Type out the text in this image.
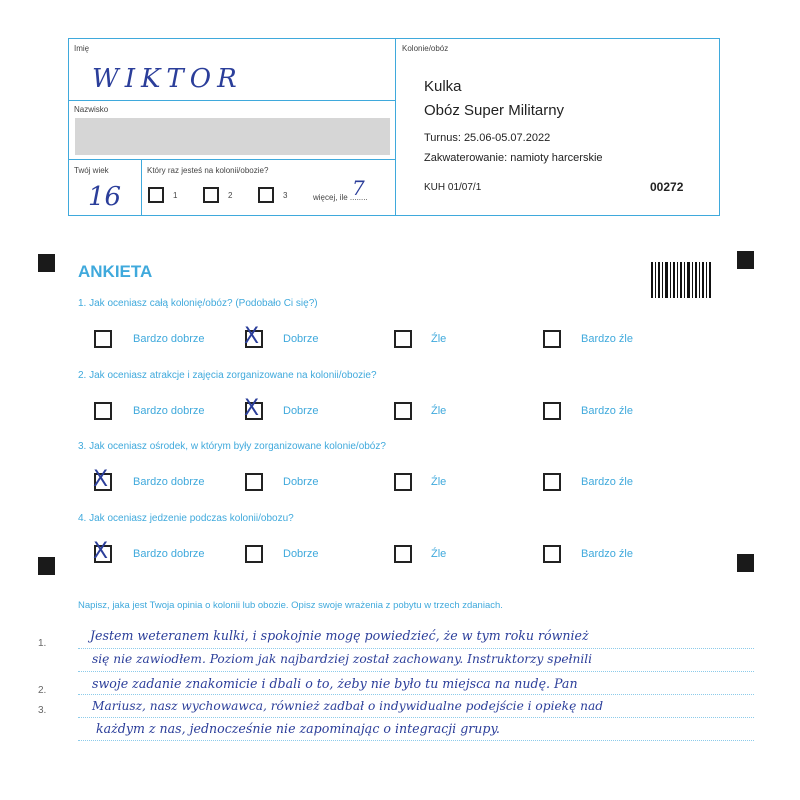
Imię
WIKTOR
Nazwisko
Twój wiek
16
Który raz jesteś na kolonii/obozie?
1	2	3	więcej, ile ........
7
Kolonie/obóz
Kulka
Obóz Super Militarny
Turnus: 25.06-05.07.2022
Zakwaterowanie: namioty harcerskie
KUH 01/07/1	00272
ANKIETA
1. Jak oceniasz całą kolonię/obóz? (Podobało Ci się?)
Bardzo dobrze X Dobrze	Źle	Bardzo źle
2. Jak oceniasz atrakcje i zajęcia zorganizowane na kolonii/obozie?
Bardzo dobrze X Dobrze	Źle	Bardzo źle
3. Jak oceniasz ośrodek, w którym były zorganizowane kolonie/obóz?
X Bardzo dobrze	Dobrze	Źle	Bardzo źle
4. Jak oceniasz jedzenie podczas kolonii/obozu?
X Bardzo dobrze	Dobrze	Źle	Bardzo źle
Napisz, jaka jest Twoja opinia o kolonii lub obozie. Opisz swoje wrażenia z pobytu w trzech zdaniach.
1.
2.
3.
Jestem weteranem kulki, i spokojnie mogę powiedzieć, że w tym roku również
się nie zawiodłem. Poziom jak najbardziej został zachowany. Instruktorzy spełnili
swoje zadanie znakomicie i dbali o to, żeby nie było tu miejsca na nudę. Pan
Mariusz, nasz wychowawca, również zadbał o indywidualne podejście i opiekę nad
każdym z nas, jednocześnie nie zapominając o integracji grupy.
